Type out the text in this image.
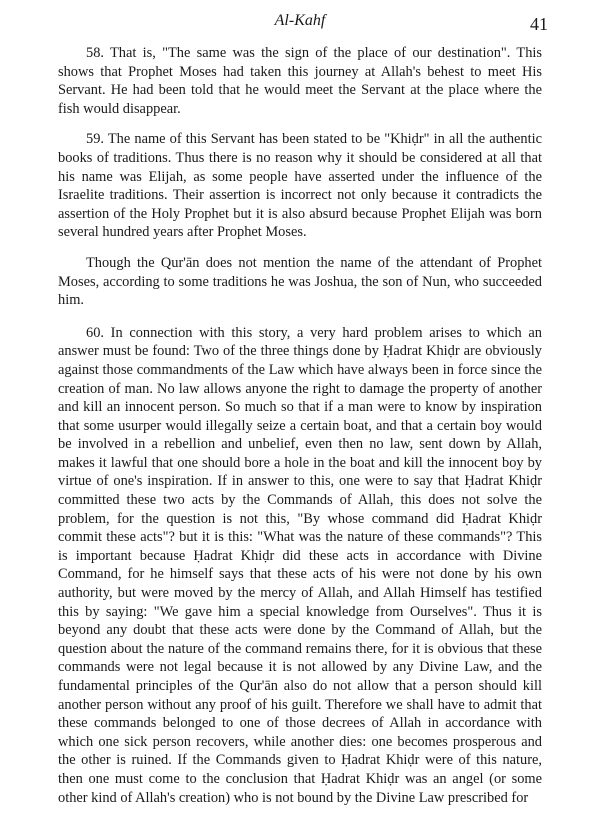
Al-Kahf	41

58. That is, "The same was the sign of the place of our destination". This shows that Prophet Moses had taken this journey at Allah's behest to meet His Servant. He had been told that he would meet the Servant at the place where the fish would disappear.

59. The name of this Servant has been stated to be "Khiḍr" in all the authentic books of traditions. Thus there is no reason why it should be considered at all that his name was Elijah, as some people have asserted under the influence of the Israelite traditions. Their assertion is incorrect not only because it contradicts the assertion of the Holy Prophet but it is also absurd because Prophet Elijah was born several hundred years after Prophet Moses.

Though the Qur'ān does not mention the name of the attendant of Prophet Moses, according to some traditions he was Joshua, the son of Nun, who succeeded him.

60. In connection with this story, a very hard problem arises to which an answer must be found: Two of the three things done by Ḥadrat Khiḍr are obviously against those commandments of the Law which have always been in force since the creation of man. No law allows anyone the right to damage the property of another and kill an innocent person. So much so that if a man were to know by inspiration that some usurper would illegally seize a certain boat, and that a certain boy would be involved in a rebellion and unbelief, even then no law, sent down by Allah, makes it lawful that one should bore a hole in the boat and kill the innocent boy by virtue of one's inspiration. If in answer to this, one were to say that Ḥadrat Khiḍr committed these two acts by the Commands of Allah, this does not solve the problem, for the question is not this, "By whose command did Ḥadrat Khiḍr commit these acts"? but it is this: "What was the nature of these commands"? This is important because Ḥadrat Khiḍr did these acts in accordance with Divine Command, for he himself says that these acts of his were not done by his own authority, but were moved by the mercy of Allah, and Allah Himself has testified this by saying: "We gave him a special knowledge from Ourselves". Thus it is beyond any doubt that these acts were done by the Command of Allah, but the question about the nature of the command remains there, for it is obvious that these commands were not legal because it is not allowed by any Divine Law, and the fundamental principles of the Qur'ān also do not allow that a person should kill another person without any proof of his guilt. Therefore we shall have to admit that these commands belonged to one of those decrees of Allah in accordance with which one sick person recovers, while another dies: one becomes prosperous and the other is ruined. If the Commands given to Ḥadrat Khiḍr were of this nature, then one must come to the conclusion that Ḥadrat Khiḍr was an angel (or some other kind of Allah's creation) who is not bound by the Divine Law prescribed for
